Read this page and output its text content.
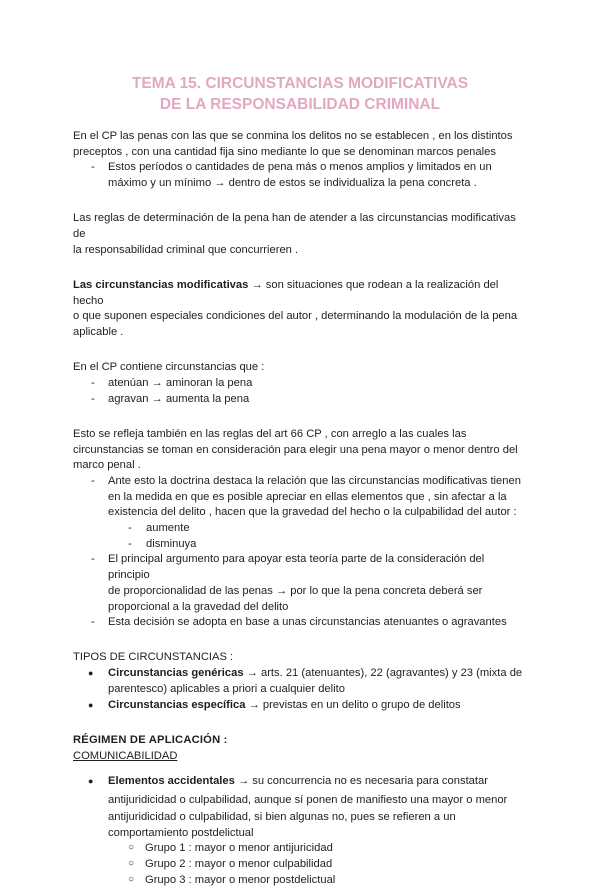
TEMA 15. CIRCUNSTANCIAS MODIFICATIVAS
DE LA RESPONSABILIDAD CRIMINAL

En el CP las penas con las que se conmina los delitos no se establecen , en los distintos
preceptos , con una cantidad fija sino mediante lo que se denominan marcos penales

- Estos períodos o cantidades de pena más o menos amplios y limitados en un
máximo y un mínimo → dentro de estos se individualiza la pena concreta .

Las reglas de determinación de la pena han de atender a las circunstancias modificativas de
la responsabilidad criminal que concurrieren .

Las circunstancias modificativas → son situaciones que rodean a la realización del hecho
o que suponen especiales condiciones del autor , determinando la modulación de la pena
aplicable .

En el CP contiene circunstancias que :

- atenúan → aminoran la pena
- agravan → aumenta la pena

Esto se refleja también en las reglas del art 66 CP , con arreglo a las cuales las
circunstancias se toman en consideración para elegir una pena mayor o menor dentro del
marco penal .

- Ante esto la doctrina destaca la relación que las circunstancias modificativas tienen
en la medida en que es posible apreciar en ellas elementos que , sin afectar a la
existencia del delito , hacen que la gravedad del hecho o la culpabilidad del autor :
- aumente
- disminuya
- El principal argumento para apoyar esta teoría parte de la consideración del principio
de proporcionalidad de las penas → por lo que la pena concreta deberá ser
proporcional a la gravedad del delito
- Esta decisión se adopta en base a unas circunstancias atenuantes o agravantes

TIPOS DE CIRCUNSTANCIAS :

● Circunstancias genéricas → arts. 21 (atenuantes), 22 (agravantes) y 23 (mixta de
parentesco) aplicables a priori a cualquier delito
● Circunstancias específica → previstas en un delito o grupo de delitos

RÉGIMEN DE APLICACIÓN :

COMUNICABILIDAD

● Elementos accidentales → su concurrencia no es necesaria para constatar
antijuridicidad o culpabilidad, aunque sí ponen de manifiesto una mayor o menor
antijuridicidad o culpabilidad, si bien algunas no, pues se refieren a un
comportamiento postdelictual
○ Grupo 1 : mayor o menor antijuricidad
○ Grupo 2 : mayor o menor culpabilidad
○ Grupo 3 : mayor o menor postdelictual
